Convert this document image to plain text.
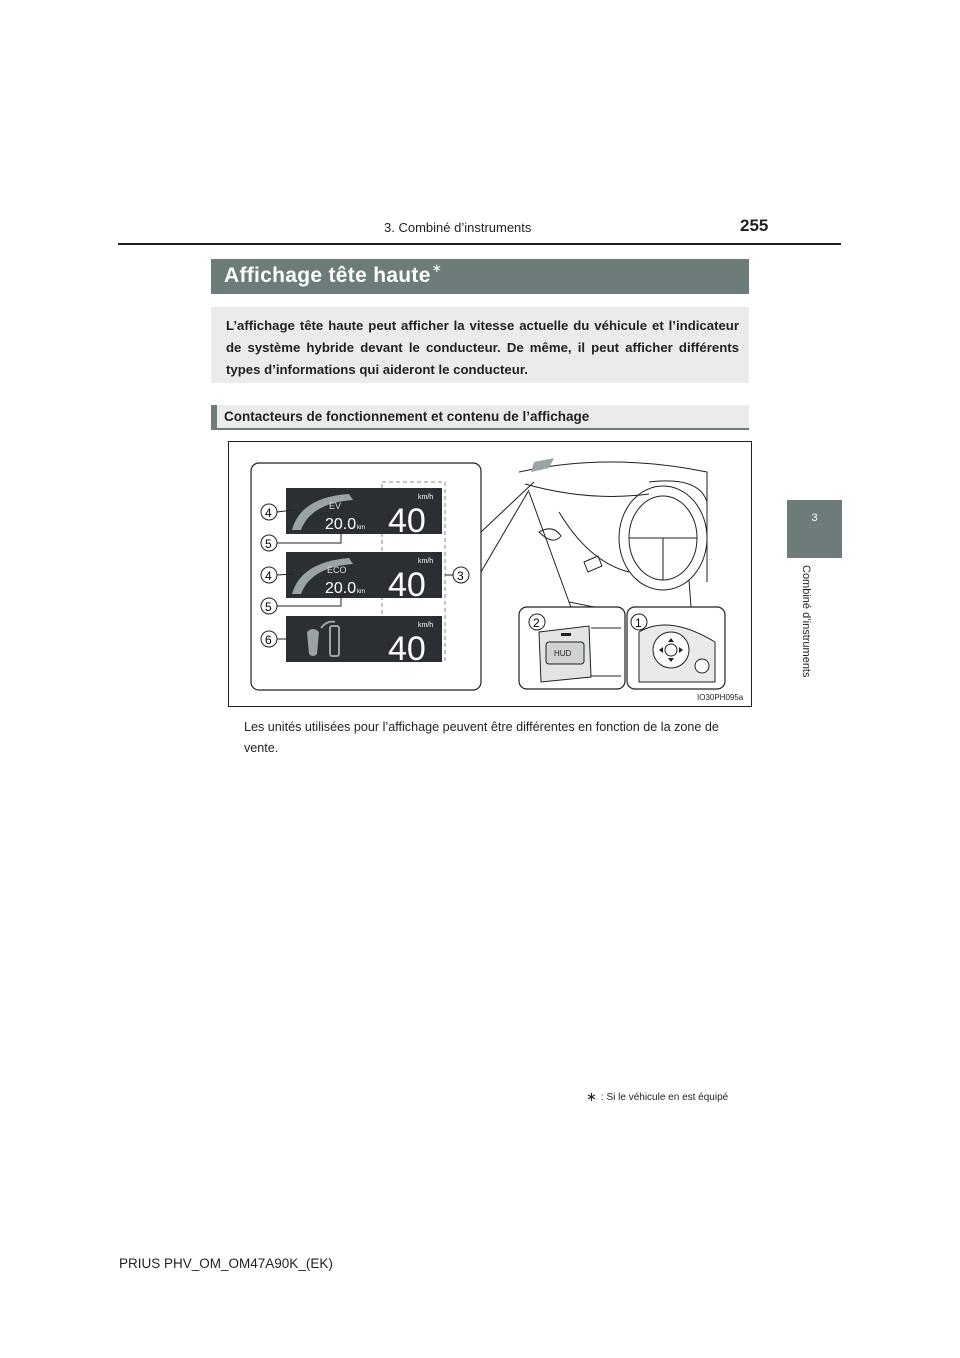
3. Combiné d’instruments	255
3
Combiné d’instruments
Affichage tête haute∗
L’affichage tête haute peut afficher la vitesse actuelle du véhicule et l’indicateur de système hybride devant le conducteur. De même, il peut afficher différents types d’informations qui aideront le conducteur.
Contacteurs de fonctionnement et contenu de l’affichage
EV
20.0 km
km/h
40
ECO
20.0 km
km/h
40
km/h
40
4
5
4
5
6
3
HUD
2	1
IO30PH095a
Les unités utilisées pour l’affichage peuvent être différentes en fonction de la zone de vente.
∗ : Si le véhicule en est équipé
PRIUS PHV_OM_OM47A90K_(EK)
